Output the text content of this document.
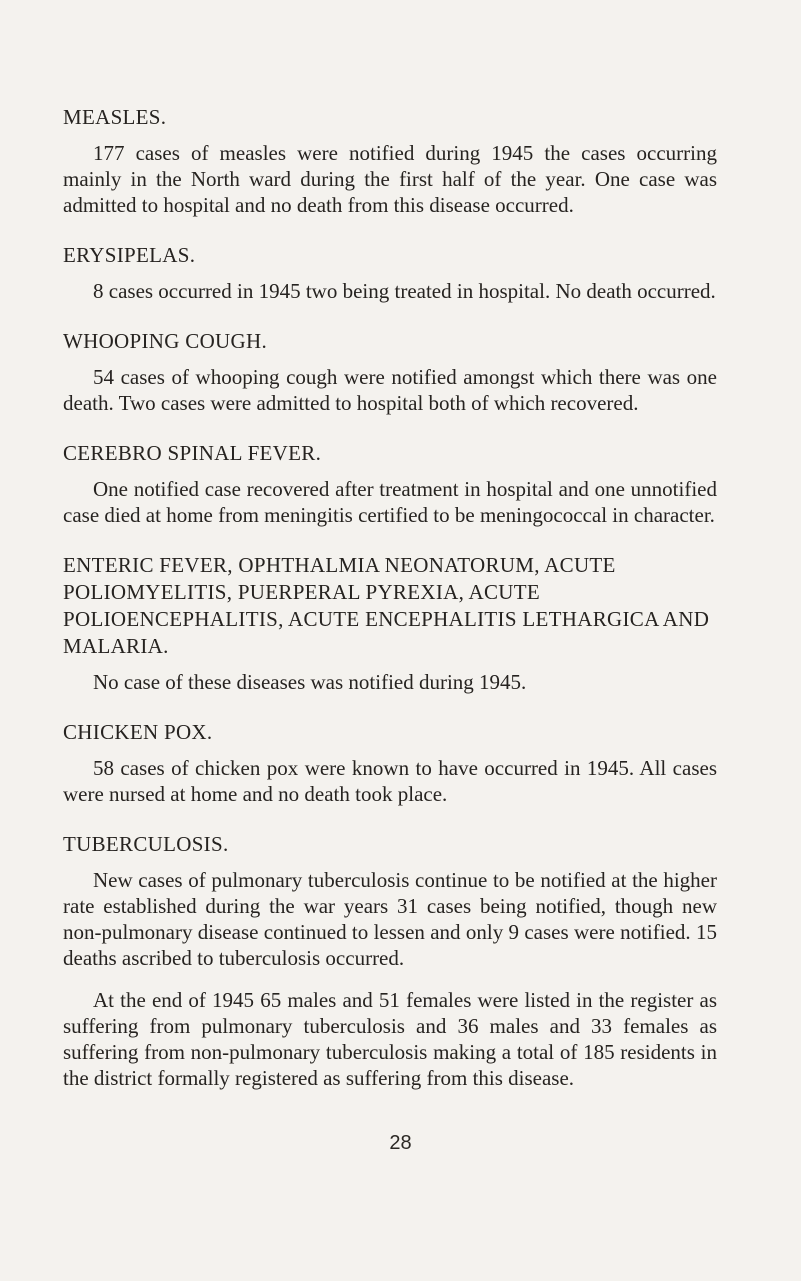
MEASLES.

177 cases of measles were notified during 1945 the cases occurring mainly in the North ward during the first half of the year. One case was admitted to hospital and no death from this disease occurred.

ERYSIPELAS.

8 cases occurred in 1945 two being treated in hospital. No death occurred.

WHOOPING COUGH.

54 cases of whooping cough were notified amongst which there was one death. Two cases were admitted to hospital both of which recovered.

CEREBRO SPINAL FEVER.

One notified case recovered after treatment in hospital and one unnotified case died at home from meningitis certified to be meningococcal in character.

ENTERIC FEVER, OPHTHALMIA NEONATORUM, ACUTE POLIOMYELITIS, PUERPERAL PYREXIA, ACUTE POLIOENCEPHALITIS, ACUTE ENCEPHALITIS LETHARGICA AND MALARIA.

No case of these diseases was notified during 1945.

CHICKEN POX.

58 cases of chicken pox were known to have occurred in 1945. All cases were nursed at home and no death took place.

TUBERCULOSIS.

New cases of pulmonary tuberculosis continue to be notified at the higher rate established during the war years 31 cases being notified, though new non-pulmonary disease continued to lessen and only 9 cases were notified. 15 deaths ascribed to tuberculosis occurred.

At the end of 1945 65 males and 51 females were listed in the register as suffering from pulmonary tuberculosis and 36 males and 33 females as suffering from non-pulmonary tuberculosis making a total of 185 residents in the district formally registered as suffering from this disease.

28
